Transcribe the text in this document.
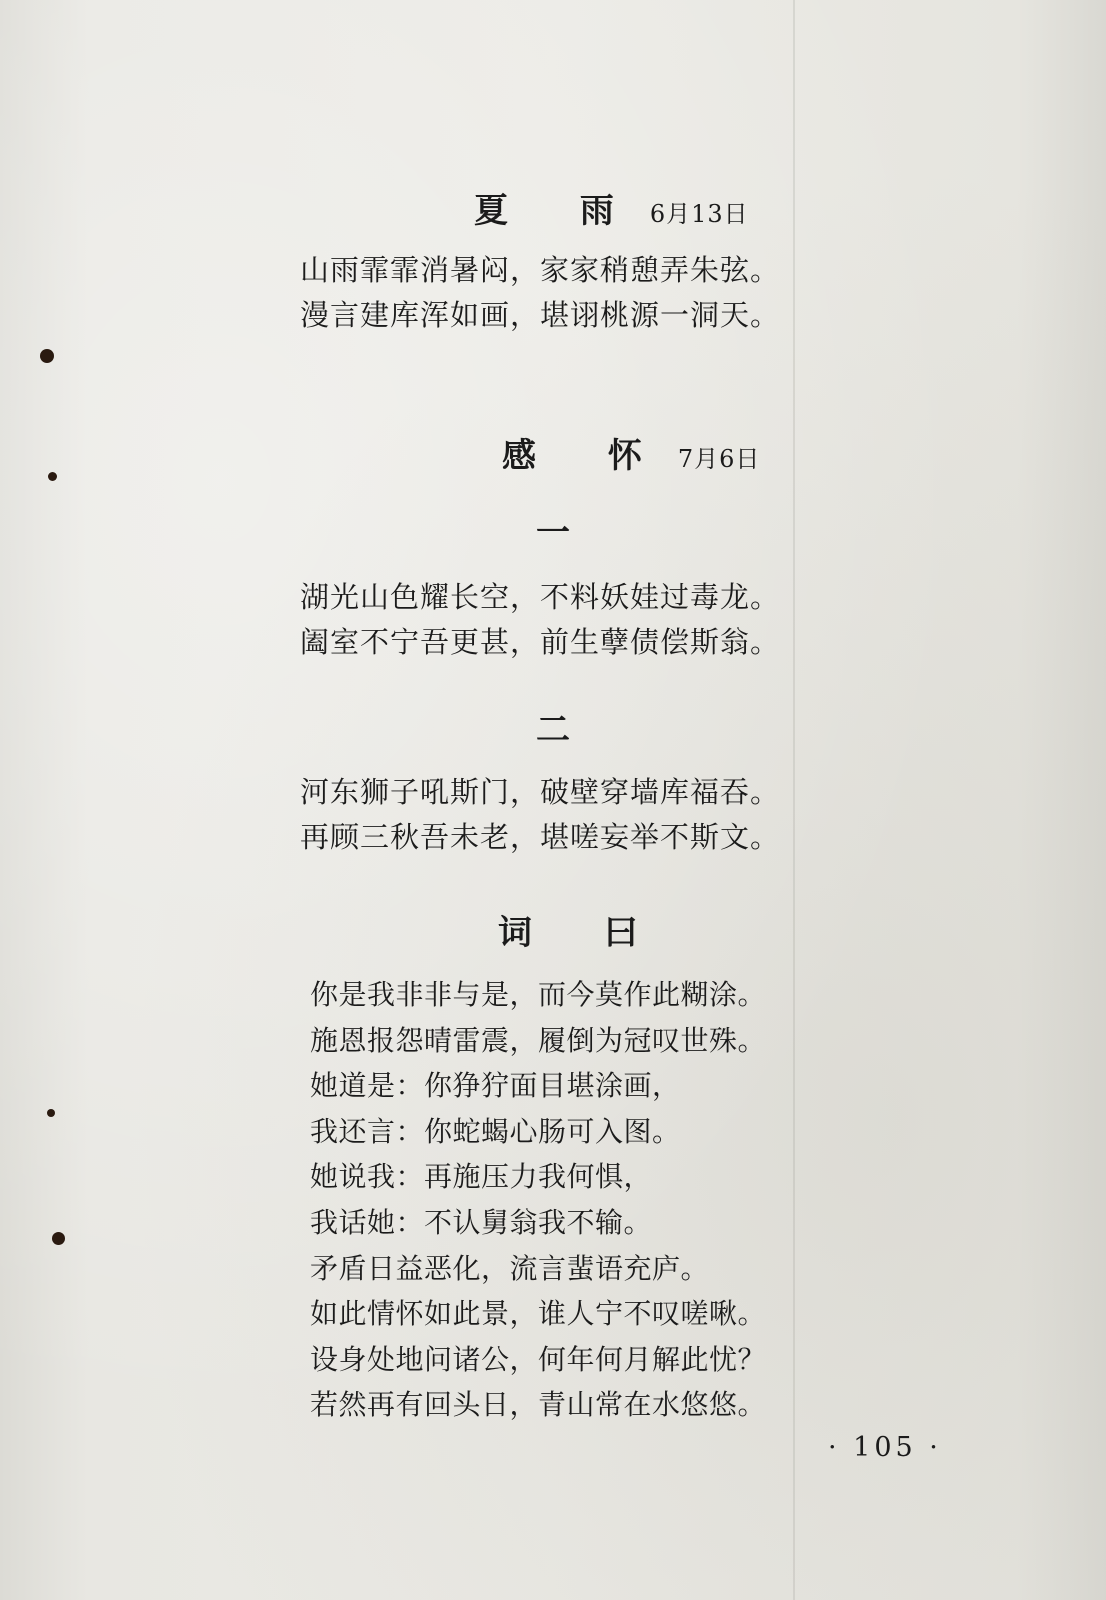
夏 雨 6月13日
山雨霏霏消暑闷，家家稍憩弄朱弦。
漫言建库浑如画，堪诩桃源一洞天。
感 怀 7月6日
一
湖光山色耀长空，不料妖娃过毒龙。
阖室不宁吾更甚，前生孽债偿斯翁。
二
河东狮子吼斯门，破壁穿墙库福吞。
再顾三秋吾未老，堪嗟妄举不斯文。
词 曰
你是我非非与是，而今莫作此糊涂。
施恩报怨晴雷震，履倒为冠叹世殊。
她道是：你狰狞面目堪涂画，
我还言：你蛇蝎心肠可入图。
她说我：再施压力我何惧，
我话她：不认舅翁我不输。
矛盾日益恶化，流言蜚语充庐。
如此情怀如此景，谁人宁不叹嗟啾。
设身处地问诸公，何年何月解此忧？
若然再有回头日，青山常在水悠悠。
· 105 ·
